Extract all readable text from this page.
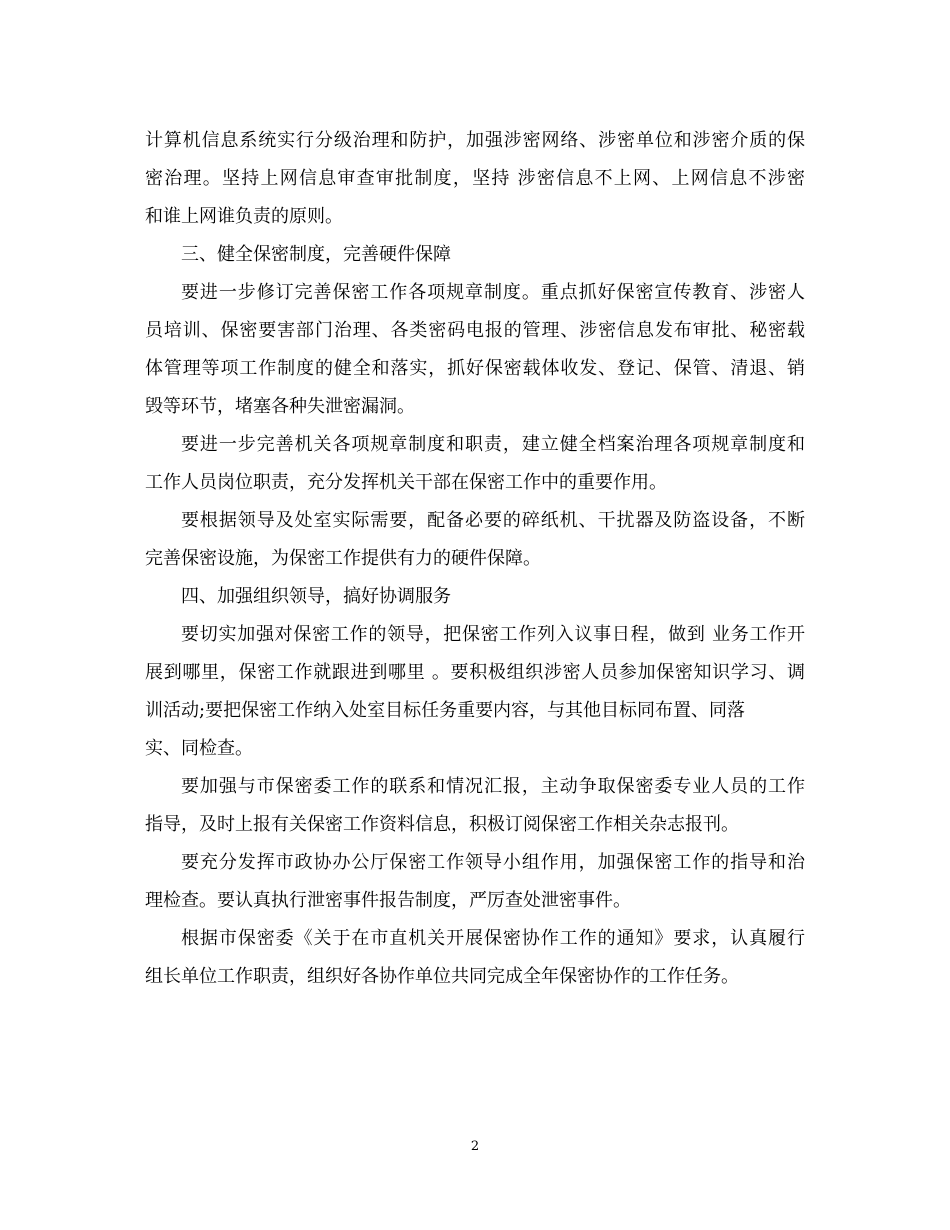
计算机信息系统实行分级治理和防护，加强涉密网络、涉密单位和涉密介质的保
密治理。坚持上网信息审查审批制度，坚持 涉密信息不上网、上网信息不涉密
和谁上网谁负责的原则。
三、健全保密制度，完善硬件保障
要进一步修订完善保密工作各项规章制度。重点抓好保密宣传教育、涉密人
员培训、保密要害部门治理、各类密码电报的管理、涉密信息发布审批、秘密载
体管理等项工作制度的健全和落实，抓好保密载体收发、登记、保管、清退、销
毁等环节，堵塞各种失泄密漏洞。
要进一步完善机关各项规章制度和职责，建立健全档案治理各项规章制度和
工作人员岗位职责，充分发挥机关干部在保密工作中的重要作用。
要根据领导及处室实际需要，配备必要的碎纸机、干扰器及防盗设备，不断
完善保密设施，为保密工作提供有力的硬件保障。
四、加强组织领导，搞好协调服务
要切实加强对保密工作的领导，把保密工作列入议事日程，做到 业务工作开
展到哪里，保密工作就跟进到哪里 。要积极组织涉密人员参加保密知识学习、调
训活动;要把保密工作纳入处室目标任务重要内容，与其他目标同布置、同落
实、同检查。
要加强与市保密委工作的联系和情况汇报，主动争取保密委专业人员的工作
指导，及时上报有关保密工作资料信息，积极订阅保密工作相关杂志报刊。
要充分发挥市政协办公厅保密工作领导小组作用，加强保密工作的指导和治
理检查。要认真执行泄密事件报告制度，严厉查处泄密事件。
根据市保密委《关于在市直机关开展保密协作工作的通知》要求，认真履行
组长单位工作职责，组织好各协作单位共同完成全年保密协作的工作任务。
2
